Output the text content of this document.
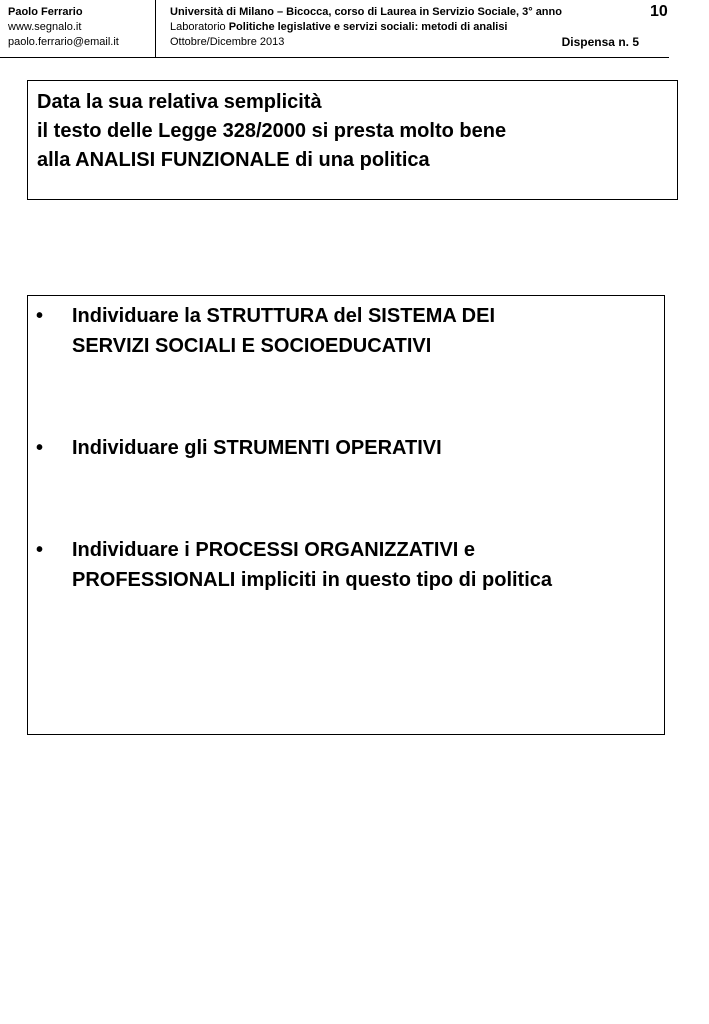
Paolo Ferrario
www.segnalo.it
paolo.ferrario@email.it
Università di Milano – Bicocca, corso di Laurea in Servizio Sociale, 3° anno
Laboratorio Politiche legislative e servizi sociali: metodi di analisi
Ottobre/Dicembre 2013	Dispensa n. 5
10
Data la sua relativa semplicità
il testo delle Legge 328/2000 si presta molto bene
alla ANALISI FUNZIONALE di una politica
• Individuare la STRUTTURA del SISTEMA DEI
SERVIZI SOCIALI E SOCIOEDUCATIVI
• Individuare gli STRUMENTI OPERATIVI
• Individuare i PROCESSI ORGANIZZATIVI e
PROFESSIONALI impliciti in questo tipo di politica
